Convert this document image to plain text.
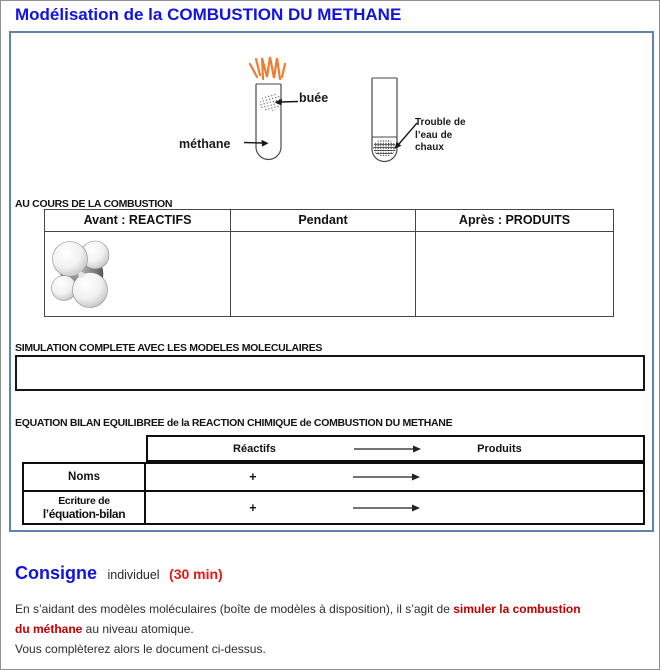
Modélisation de la COMBUSTION DU METHANE
buée
méthane
Trouble de
l’eau de
chaux
AU COURS DE LA COMBUSTION
Avant : REACTIFS	Pendant	Après : PRODUITS
SIMULATION COMPLETE AVEC LES MODELES MOLECULAIRES
EQUATION BILAN EQUILIBREE de la REACTION CHIMIQUE de COMBUSTION DU METHANE
Réactifs	Produits
Noms	+
Ecriture de
l’équation-bilan	+
Consigne individuel (30 min)
En s’aidant des modèles moléculaires (boîte de modèles à disposition), il s’agit de simuler la combustion
du méthane au niveau atomique.
Vous complèterez alors le document ci-dessus.
